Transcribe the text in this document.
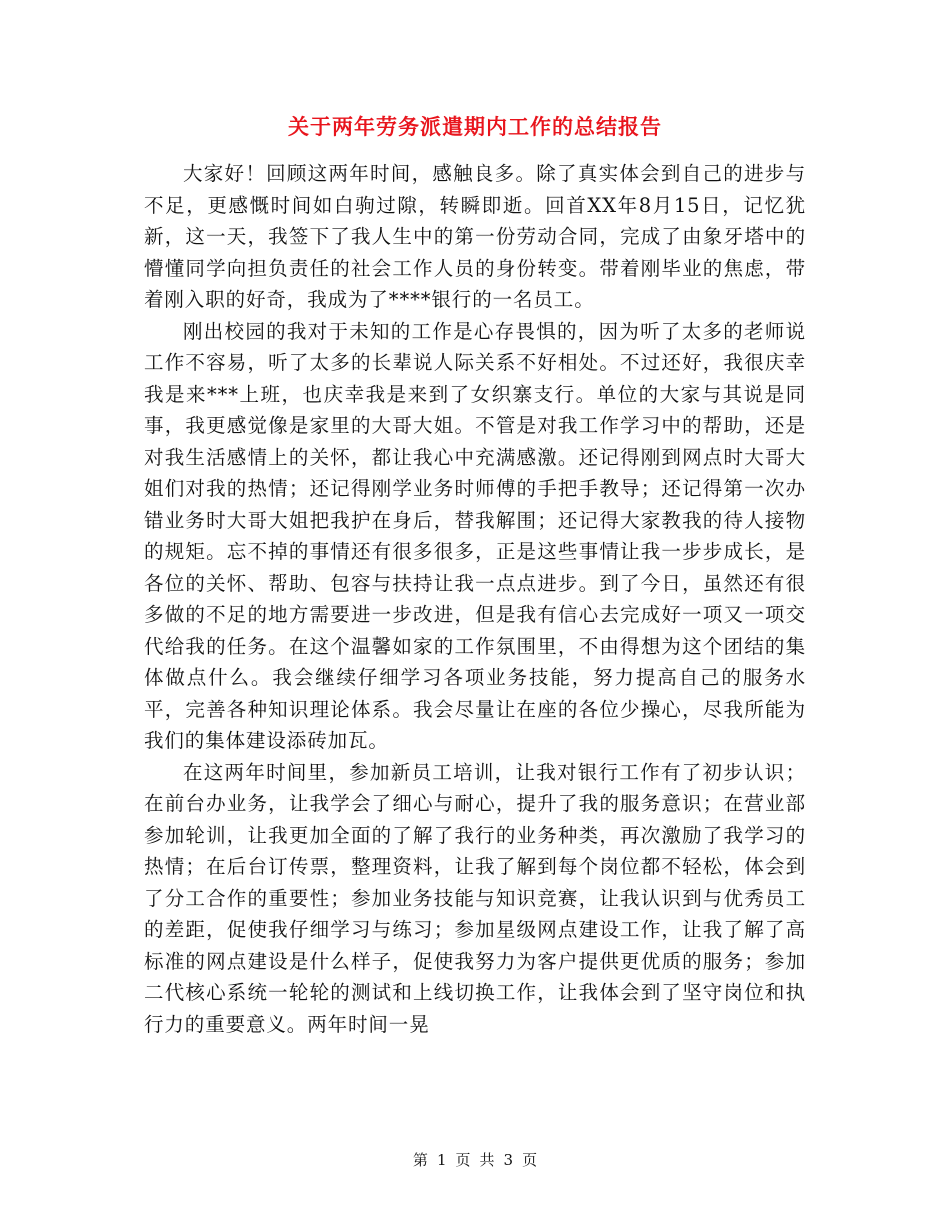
关于两年劳务派遣期内工作的总结报告

大家好！回顾这两年时间，感触良多。除了真实体会到自己的进步与不足，更感慨时间如白驹过隙，转瞬即逝。回首XX年8月15日，记忆犹新，这一天，我签下了我人生中的第一份劳动合同，完成了由象牙塔中的懵懂同学向担负责任的社会工作人员的身份转变。带着刚毕业的焦虑，带着刚入职的好奇，我成为了****银行的一名员工。

刚出校园的我对于未知的工作是心存畏惧的，因为听了太多的老师说工作不容易，听了太多的长辈说人际关系不好相处。不过还好，我很庆幸我是来***上班，也庆幸我是来到了女织寨支行。单位的大家与其说是同事，我更感觉像是家里的大哥大姐。不管是对我工作学习中的帮助，还是对我生活感情上的关怀，都让我心中充满感激。还记得刚到网点时大哥大姐们对我的热情；还记得刚学业务时师傅的手把手教导；还记得第一次办错业务时大哥大姐把我护在身后，替我解围；还记得大家教我的待人接物的规矩。忘不掉的事情还有很多很多，正是这些事情让我一步步成长，是各位的关怀、帮助、包容与扶持让我一点点进步。到了今日，虽然还有很多做的不足的地方需要进一步改进，但是我有信心去完成好一项又一项交代给我的任务。在这个温馨如家的工作氛围里，不由得想为这个团结的集体做点什么。我会继续仔细学习各项业务技能，努力提高自己的服务水平，完善各种知识理论体系。我会尽量让在座的各位少操心，尽我所能为我们的集体建设添砖加瓦。

在这两年时间里，参加新员工培训，让我对银行工作有了初步认识；在前台办业务，让我学会了细心与耐心，提升了我的服务意识；在营业部参加轮训，让我更加全面的了解了我行的业务种类，再次激励了我学习的热情；在后台订传票，整理资料，让我了解到每个岗位都不轻松，体会到了分工合作的重要性；参加业务技能与知识竞赛，让我认识到与优秀员工的差距，促使我仔细学习与练习；参加星级网点建设工作，让我了解了高标准的网点建设是什么样子，促使我努力为客户提供更优质的服务；参加二代核心系统一轮轮的测试和上线切换工作，让我体会到了坚守岗位和执行力的重要意义。两年时间一晃

第 1 页 共 3 页
